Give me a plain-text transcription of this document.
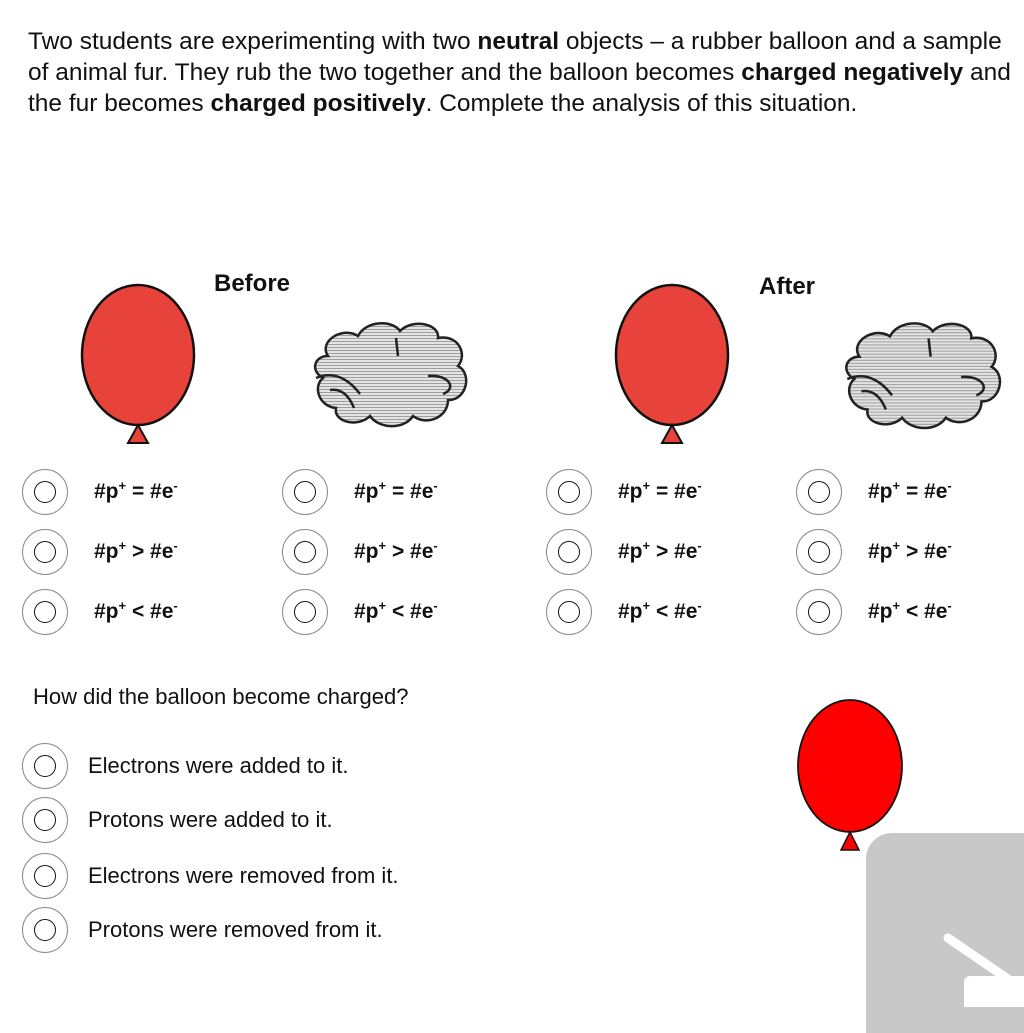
Two students are experimenting with two neutral objects – a rubber balloon and a sample of animal fur. They rub the two together and the balloon becomes charged negatively and the fur becomes charged positively. Complete the analysis of this situation.

Before	After
#p+ = #e-
#p+ > #e-
#p+ < #e-
#p+ = #e-
#p+ > #e-
#p+ < #e-
#p+ = #e-
#p+ > #e-
#p+ < #e-
#p+ = #e-
#p+ > #e-
#p+ < #e-

How did the balloon become charged?

Electrons were added to it.
Protons were added to it.
Electrons were removed from it.
Protons were removed from it.
